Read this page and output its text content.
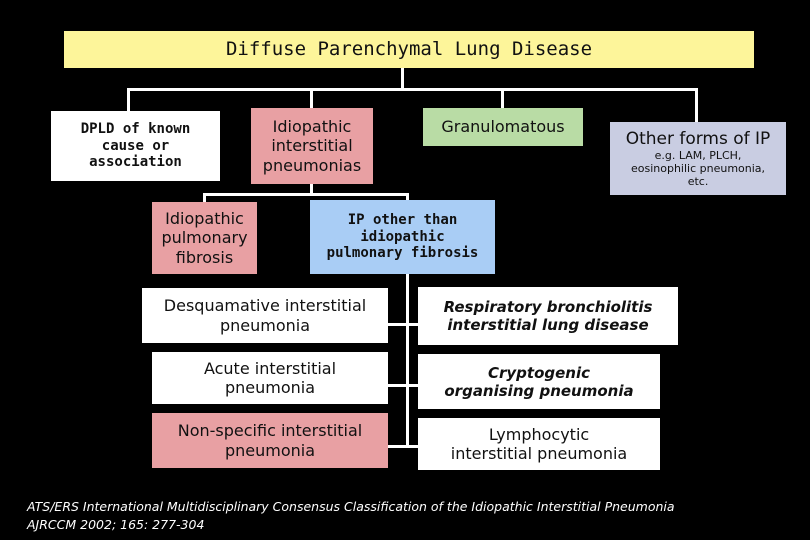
Diffuse Parenchymal Lung Disease
DPLD of known
cause or
association
Idiopathic
interstitial
pneumonias
Granulomatous
Other forms of IP
e.g. LAM, PLCH,
eosinophilic pneumonia,
etc.
Idiopathic
pulmonary
fibrosis
IP other than
idiopathic
pulmonary fibrosis
Desquamative interstitial
pneumonia
Acute interstitial
pneumonia
Non-specific interstitial
pneumonia
Respiratory bronchiolitis
interstitial lung disease
Cryptogenic
organising pneumonia
Lymphocytic
interstitial pneumonia
ATS/ERS International Multidisciplinary Consensus Classification of the Idiopathic Interstitial Pneumonia
AJRCCM 2002; 165: 277-304
